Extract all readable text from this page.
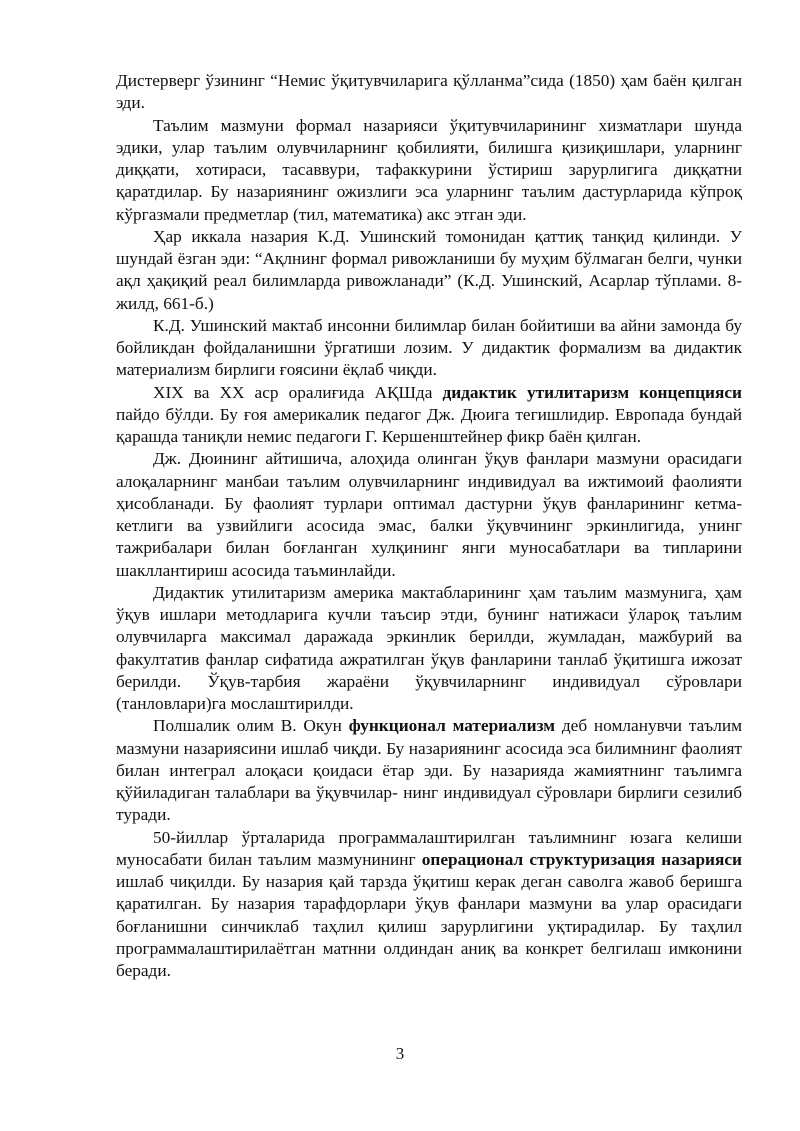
Дистерверг ўзининг “Немис ўқитувчиларига қўлланма”сида (1850) ҳам баён қилган эди.

Таълим мазмуни формал назарияси ўқитувчиларининг хизматлари шунда эдики, улар таълим олувчиларнинг қобилияти, билишга қизиқишлари, уларнинг диққати, хотираси, тасаввури, тафаккурини ўстириш зарурлигига диққатни қаратдилар. Бу назариянинг ожизлиги эса уларнинг таълим дастурларида кўпроқ кўргазмали предметлар (тил, математика) акс этган эди.

Ҳар иккала назария К.Д. Ушинский томонидан қаттиқ танқид қилинди. У шундай ёзган эди: “Ақлнинг формал ривожланиши бу муҳим бўлмаган белги, чунки ақл ҳақиқий реал билимларда ривожланади” (К.Д. Ушинский, Асарлар тўплами. 8-жилд, 661-б.)

К.Д. Ушинский мактаб инсонни билимлар билан бойитиши ва айни замонда бу бойликдан фойдаланишни ўргатиши лозим. У дидактик формализм ва дидактик материализм бирлиги ғоясини ёқлаб чиқди.

XIX ва XX аср оралиғида АҚШда дидактик утилитаризм концепцияси пайдо бўлди. Бу ғоя америкалик педагог Дж. Дюига тегишлидир. Европада бундай қарашда таниқли немис педагоги Г. Кершенштейнер фикр баён қилган.

Дж. Дюининг айтишича, алоҳида олинган ўқув фанлари мазмуни орасидаги алоқаларнинг манбаи таълим олувчиларнинг индивидуал ва ижтимоий фаолияти ҳисобланади. Бу фаолият турлари оптимал дастурни ўқув фанларининг кетма-кетлиги ва узвийлиги асосида эмас, балки ўқувчининг эркинлигида, унинг тажрибалари билан боғланган хулқининг янги муносабатлари ва типларини шакллантириш асосида таъминлайди.

Дидактик утилитаризм америка мактабларининг ҳам таълим мазмунига, ҳам ўқув ишлари методларига кучли таъсир этди, бунинг натижаси ўлароқ таълим олувчиларга максимал даражада эркинлик берилди, жумладан, мажбурий ва факултатив фанлар сифатида ажратилган ўқув фанларини танлаб ўқитишга ижозат берилди. Ўқув-тарбия жараёни ўқувчиларнинг индивидуал сўровлари (танловлари)га мослаштирилди.

Полшалик олим В. Окун функционал материализм деб номланувчи таълим мазмуни назариясини ишлаб чиқди. Бу назариянинг асосида эса билимнинг фаолият билан интеграл алоқаси қоидаси ётар эди. Бу назарияда жамиятнинг таълимга қўйиладиган талаблари ва ўқувчилар- нинг индивидуал сўровлари бирлиги сезилиб туради.

50-йиллар ўрталарида программалаштирилган таълимнинг юзага келиши муносабати билан таълим мазмунининг операционал структуризация назарияси ишлаб чиқилди. Бу назария қай тарзда ўқитиш керак деган саволга жавоб беришга қаратилган. Бу назария тарафдорлари ўқув фанлари мазмуни ва улар орасидаги боғланишни синчиклаб таҳлил қилиш зарурлигини уқтирадилар. Бу таҳлил программалаштирилаётган матнни олдиндан аниқ ва конкрет белгилаш имконини беради.

3
